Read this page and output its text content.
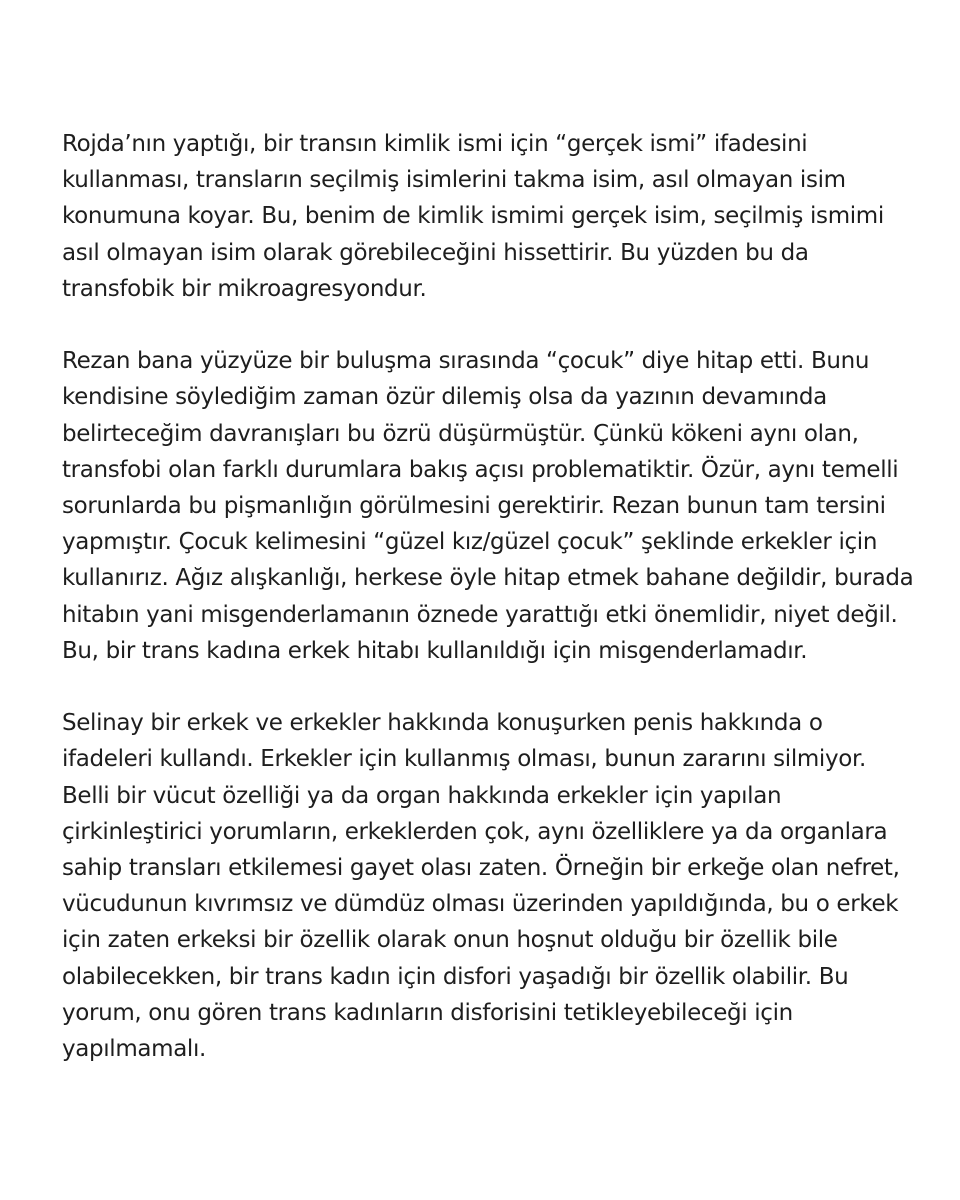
Rojda’nın yaptığı, bir transın kimlik ismi için “gerçek ismi” ifadesini
kullanması, transların seçilmiş isimlerini takma isim, asıl olmayan isim
konumuna koyar. Bu, benim de kimlik ismimi gerçek isim, seçilmiş ismimi
asıl olmayan isim olarak görebileceğini hissettirir. Bu yüzden bu da
transfobik bir mikroagresyondur.

Rezan bana yüzyüze bir buluşma sırasında “çocuk” diye hitap etti. Bunu
kendisine söylediğim zaman özür dilemiş olsa da yazının devamında
belirteceğim davranışları bu özrü düşürmüştür. Çünkü kökeni aynı olan,
transfobi olan farklı durumlara bakış açısı problematiktir. Özür, aynı temelli
sorunlarda bu pişmanlığın görülmesini gerektirir. Rezan bunun tam tersini
yapmıştır. Çocuk kelimesini “güzel kız/güzel çocuk” şeklinde erkekler için
kullanırız. Ağız alışkanlığı, herkese öyle hitap etmek bahane değildir, burada
hitabın yani misgenderlamanın öznede yarattığı etki önemlidir, niyet değil.
Bu, bir trans kadına erkek hitabı kullanıldığı için misgenderlamadır.

Selinay bir erkek ve erkekler hakkında konuşurken penis hakkında o
ifadeleri kullandı. Erkekler için kullanmış olması, bunun zararını silmiyor.
Belli bir vücut özelliği ya da organ hakkında erkekler için yapılan
çirkinleştirici yorumların, erkeklerden çok, aynı özelliklere ya da organlara
sahip transları etkilemesi gayet olası zaten. Örneğin bir erkeğe olan nefret,
vücudunun kıvrımsız ve dümdüz olması üzerinden yapıldığında, bu o erkek
için zaten erkeksi bir özellik olarak onun hoşnut olduğu bir özellik bile
olabilecekken, bir trans kadın için disfori yaşadığı bir özellik olabilir. Bu
yorum, onu gören trans kadınların disforisini tetikleyebileceği için
yapılmamalı.
